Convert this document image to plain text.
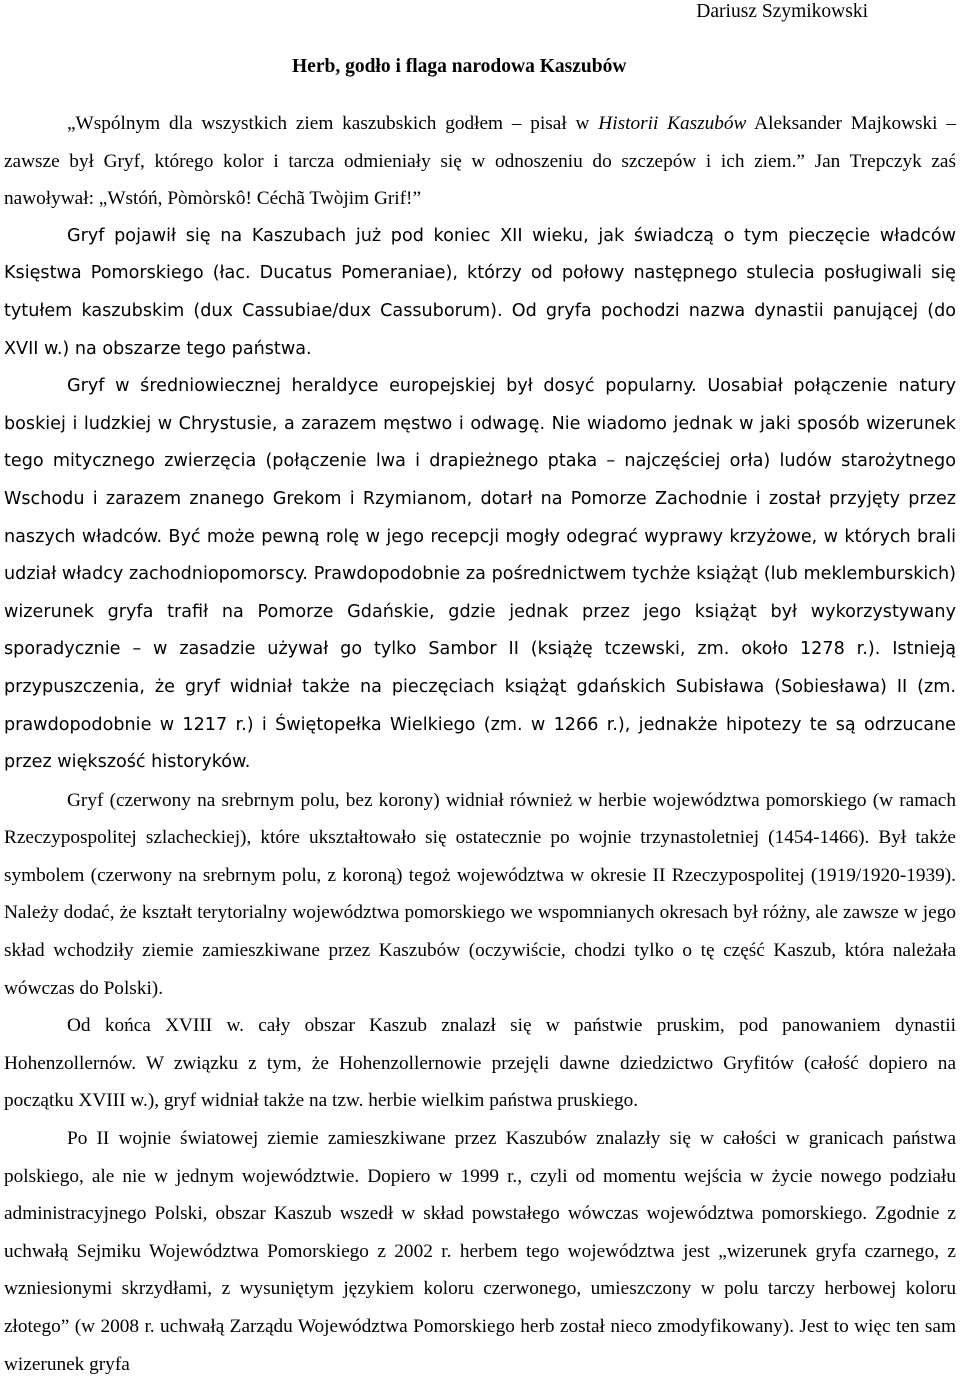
Dariusz Szymikowski
Herb, godło i flaga narodowa Kaszubów

„Wspólnym dla wszystkich ziem kaszubskich godłem – pisał w Historii Kaszubów Aleksander Majkowski – zawsze był Gryf, którego kolor i tarcza odmieniały się w odnoszeniu do szczepów i ich ziem.” Jan Trepczyk zaś nawoływał: „Wstóń, Pòmòrskô! Céchã Twòjim Grif!”

Gryf pojawił się na Kaszubach już pod koniec XII wieku, jak świadczą o tym pieczęcie władców Księstwa Pomorskiego (łac. Ducatus Pomeraniae), którzy od połowy następnego stulecia posługiwali się tytułem kaszubskim (dux Cassubiae/dux Cassuborum). Od gryfa pochodzi nazwa dynastii panującej (do XVII w.) na obszarze tego państwa.

Gryf w średniowiecznej heraldyce europejskiej był dosyć popularny. Uosabiał połączenie natury boskiej i ludzkiej w Chrystusie, a zarazem męstwo i odwagę. Nie wiadomo jednak w jaki sposób wizerunek tego mitycznego zwierzęcia (połączenie lwa i drapieżnego ptaka – najczęściej orła) ludów starożytnego Wschodu i zarazem znanego Grekom i Rzymianom, dotarł na Pomorze Zachodnie i został przyjęty przez naszych władców. Być może pewną rolę w jego recepcji mogły odegrać wyprawy krzyżowe, w których brali udział władcy zachodniopomorscy. Prawdopodobnie za pośrednictwem tychże książąt (lub meklemburskich) wizerunek gryfa trafił na Pomorze Gdańskie, gdzie jednak przez jego książąt był wykorzystywany sporadycznie – w zasadzie używał go tylko Sambor II (książę tczewski, zm. około 1278 r.). Istnieją przypuszczenia, że gryf widniał także na pieczęciach książąt gdańskich Subisława (Sobiesława) II (zm. prawdopodobnie w 1217 r.) i Świętopełka Wielkiego (zm. w 1266 r.), jednakże hipotezy te są odrzucane przez większość historyków.

Gryf (czerwony na srebrnym polu, bez korony) widniał również w herbie województwa pomorskiego (w ramach Rzeczypospolitej szlacheckiej), które ukształtowało się ostatecznie po wojnie trzynastoletniej (1454-1466). Był także symbolem (czerwony na srebrnym polu, z koroną) tegoż województwa w okresie II Rzeczypospolitej (1919/1920-1939). Należy dodać, że kształt terytorialny województwa pomorskiego we wspomnianych okresach był różny, ale zawsze w jego skład wchodziły ziemie zamieszkiwane przez Kaszubów (oczywiście, chodzi tylko o tę część Kaszub, która należała wówczas do Polski).

Od końca XVIII w. cały obszar Kaszub znalazł się w państwie pruskim, pod panowaniem dynastii Hohenzollernów. W związku z tym, że Hohenzollernowie przejęli dawne dziedzictwo Gryfitów (całość dopiero na początku XVIII w.), gryf widniał także na tzw. herbie wielkim państwa pruskiego.

Po II wojnie światowej ziemie zamieszkiwane przez Kaszubów znalazły się w całości w granicach państwa polskiego, ale nie w jednym województwie. Dopiero w 1999 r., czyli od momentu wejścia w życie nowego podziału administracyjnego Polski, obszar Kaszub wszedł w skład powstałego wówczas województwa pomorskiego. Zgodnie z uchwałą Sejmiku Województwa Pomorskiego z 2002 r. herbem tego województwa jest „wizerunek gryfa czarnego, z wzniesionymi skrzydłami, z wysuniętym językiem koloru czerwonego, umieszczony w polu tarczy herbowej koloru złotego” (w 2008 r. uchwałą Zarządu Województwa Pomorskiego herb został nieco zmodyfikowany). Jest to więc ten sam wizerunek gryfa
